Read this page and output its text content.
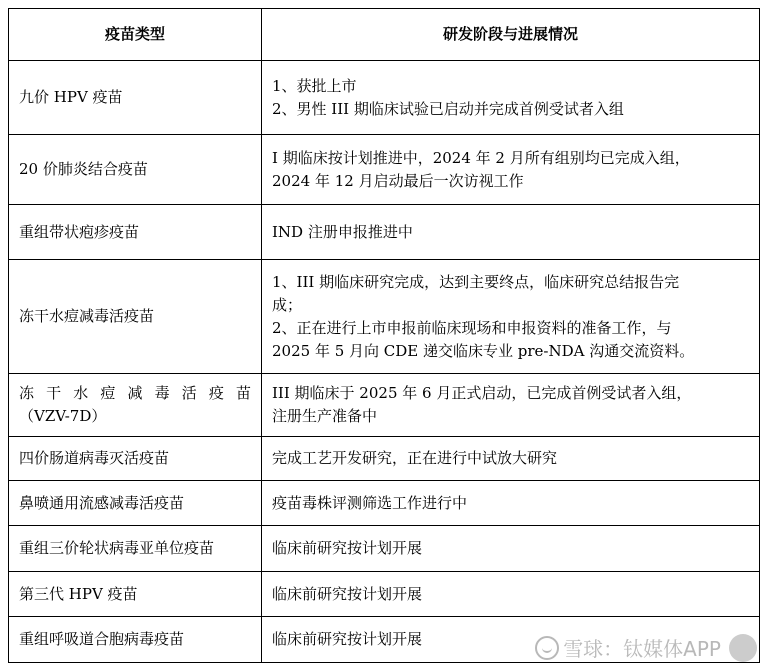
疫苗类型	研发阶段与进展情况
九价 HPV 疫苗	1、获批上市
2、男性 III 期临床试验已启动并完成首例受试者入组

20 价肺炎结合疫苗	I 期临床按计划推进中，2024 年 2 月所有组别均已完成入组，
2024 年 12 月启动最后一次访视工作

重组带状疱疹疫苗	IND 注册申报推进中

冻干水痘减毒活疫苗	1、III 期临床研究完成，达到主要终点，临床研究总结报告完
成；
2、正在进行上市申报前临床现场和申报资料的准备工作，与
2025 年 5 月向 CDE 递交临床专业 pre-NDA 沟通交流资料。

冻干水痘减毒活疫苗
（VZV-7D）	III 期临床于 2025 年 6 月正式启动，已完成首例受试者入组，
注册生产准备中

四价肠道病毒灭活疫苗	完成工艺开发研究，正在进行中试放大研究
鼻喷通用流感减毒活疫苗	疫苗毒株评测筛选工作进行中
重组三价轮状病毒亚单位疫苗	临床前研究按计划开展
第三代 HPV 疫苗	临床前研究按计划开展
重组呼吸道合胞病毒疫苗	临床前研究按计划开展	雪球：钛媒体APP
